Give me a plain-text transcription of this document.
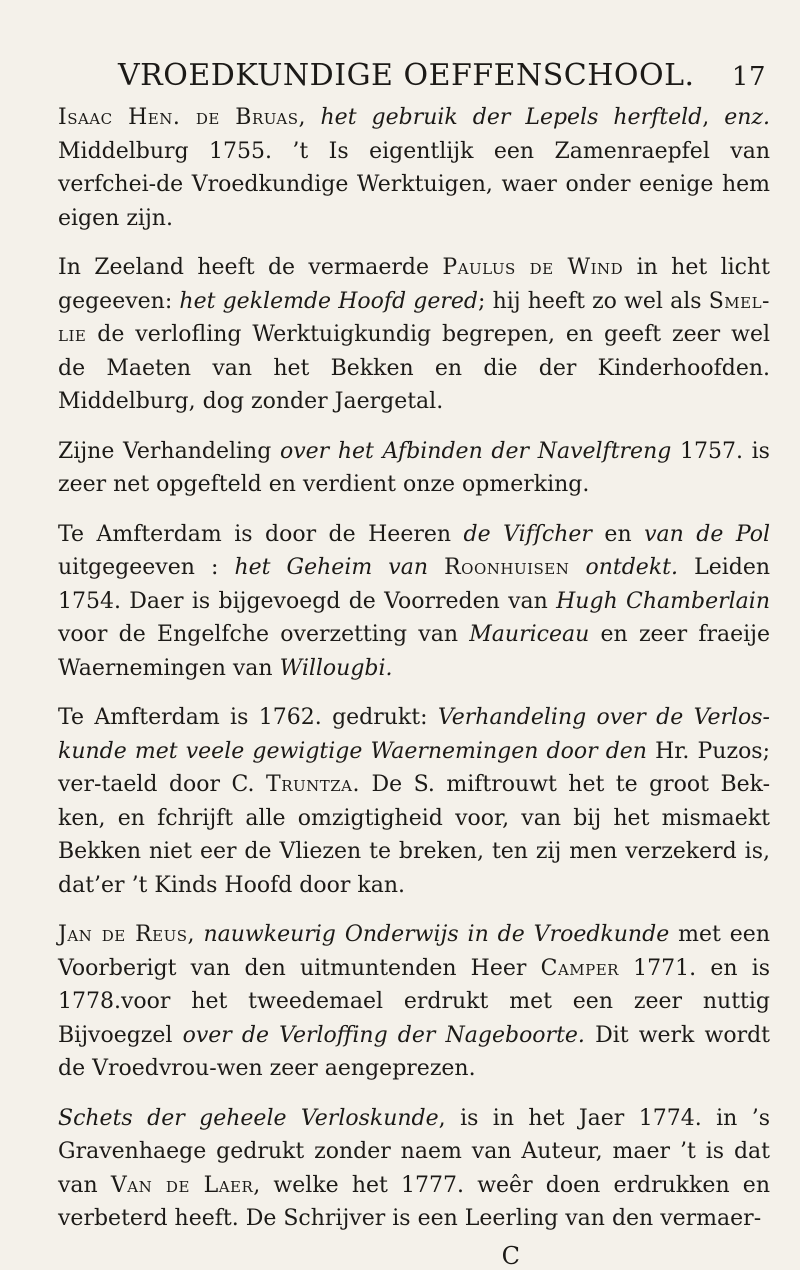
VROEDKUNDIGE OEFFENSCHOOL. 17

Isaac Hen. de Bruas, het gebruik der Lepels herfteld, enz. Middelburg 1755. ’t Is eigentlijk een Zamenraepfel van verfchei-de Vroedkundige Werktuigen, waer onder eenige hem eigen zijn.

In Zeeland heeft de vermaerde Paulus de Wind in het licht gegeeven: het geklemde Hoofd gered; hij heeft zo wel als Smel-lie de verlofling Werktuigkundig begrepen, en geeft zeer wel de Maeten van het Bekken en die der Kinderhoofden. Middelburg, dog zonder Jaergetal.

Zijne Verhandeling over het Afbinden der Navelftreng 1757. is zeer net opgefteld en verdient onze opmerking.

Te Amfterdam is door de Heeren de Vifſcher en van de Pol uitgegeeven : het Geheim van Roonhuisen ontdekt. Leiden 1754. Daer is bijgevoegd de Voorreden van Hugh Chamberlain voor de Engelfche overzetting van Mauriceau en zeer fraeije Waernemingen van Willougbi.

Te Amfterdam is 1762. gedrukt: Verhandeling over de Verlos-kunde met veele gewigtige Waernemingen door den Hr. Puzos; ver-taeld door C. Truntza. De S. miftrouwt het te groot Bek-ken, en fchrijft alle omzigtigheid voor, van bij het mismaekt Bekken niet eer de Vliezen te breken, ten zij men verzekerd is, dat’er ’t Kinds Hoofd door kan.

Jan de Reus, nauwkeurig Onderwijs in de Vroedkunde met een Voorberigt van den uitmuntenden Heer Camper 1771. en is 1778.voor het tweedemael erdrukt met een zeer nuttig Bijvoegzel over de Verloffing der Nageboorte. Dit werk wordt de Vroedvrou-wen zeer aengeprezen.

Schets der geheele Verloskunde, is in het Jaer 1774. in ’s Gravenhaege gedrukt zonder naem van Auteur, maer ’t is dat van Van de Laer, welke het 1777. weêr doen erdrukken en verbeterd heeft. De Schrijver is een Leerling van den vermaer-

C
